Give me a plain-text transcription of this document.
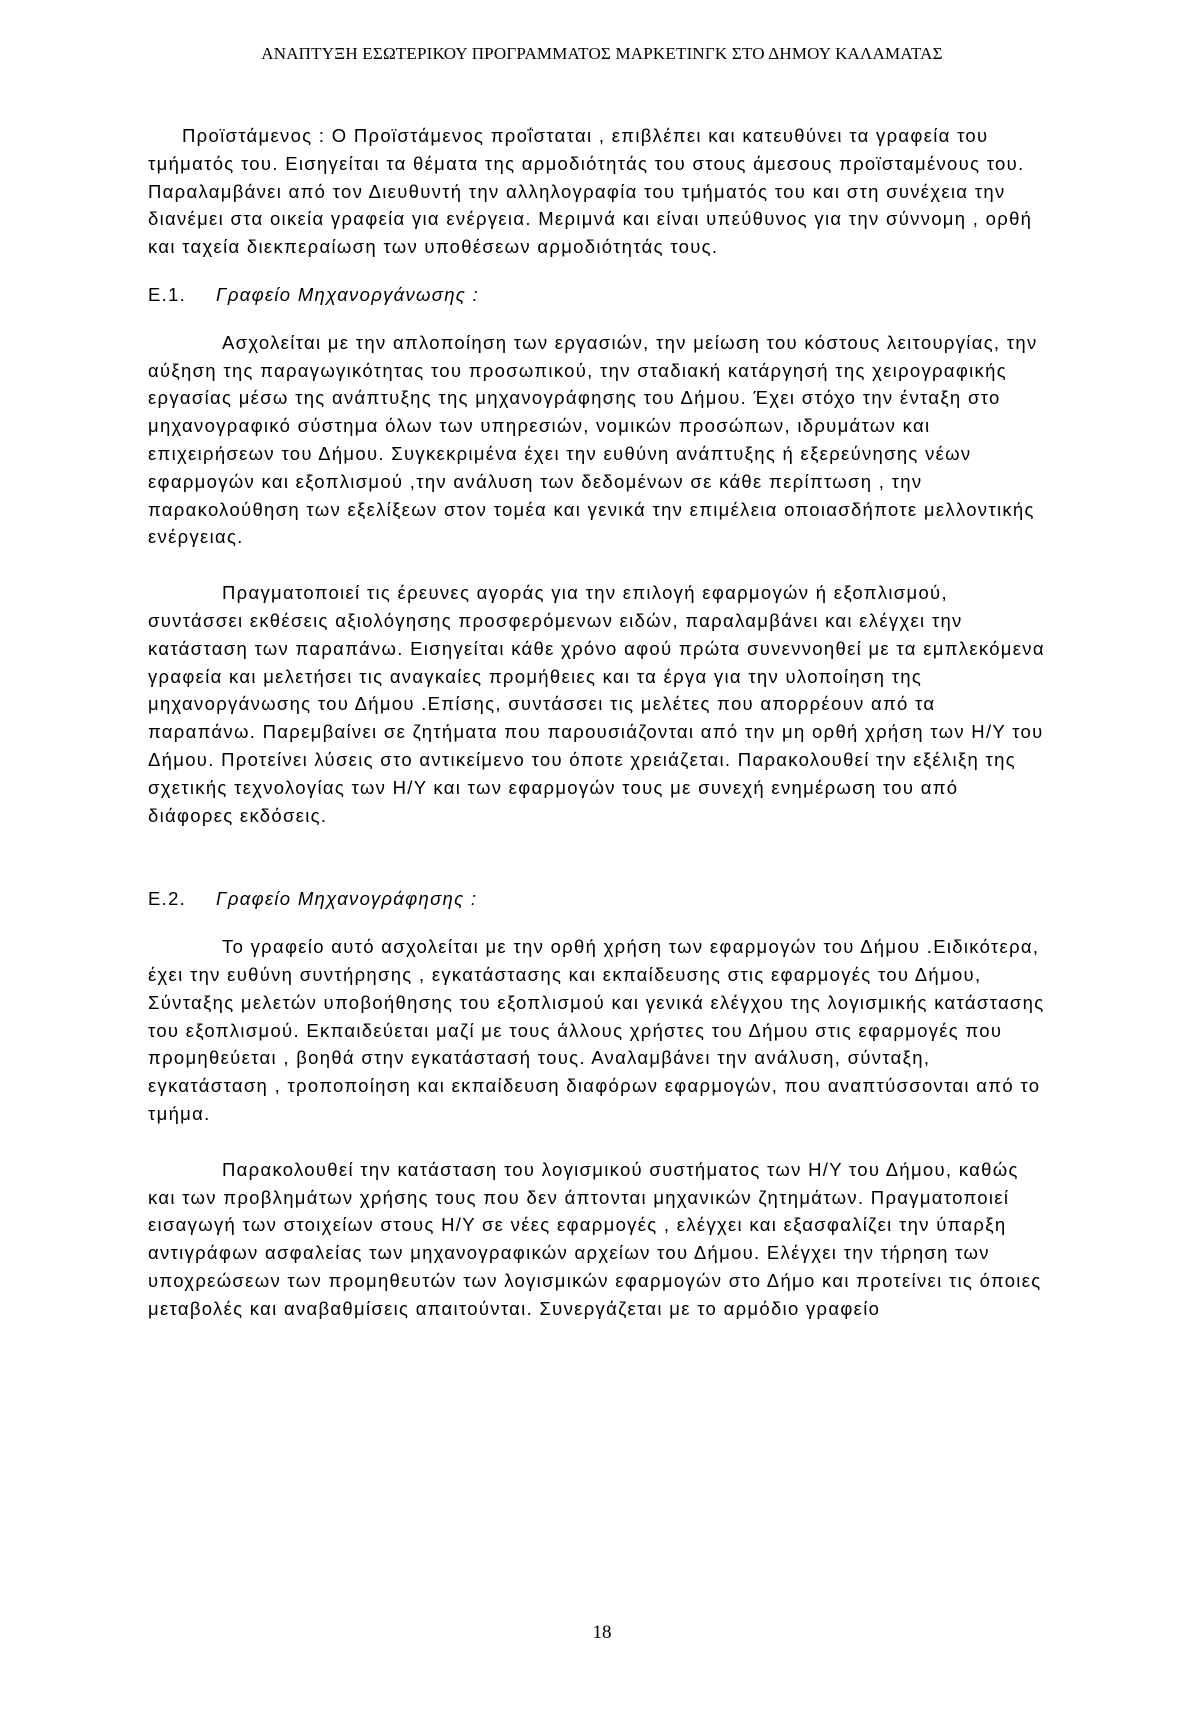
ΑΝΑΠΤΥΞΗ ΕΣΩΤΕΡΙΚΟΥ ΠΡΟΓΡΑΜΜΑΤΟΣ ΜΑΡΚΕΤΙΝΓΚ ΣΤΟ ΔΗΜΟΥ ΚΑΛΑΜΑΤΑΣ

Προϊστάμενος : Ο Προϊστάμενος προΐσταται , επιβλέπει και κατευθύνει τα γραφεία του τμήματός του. Εισηγείται τα θέματα της αρμοδιότητάς του στους άμεσους προϊσταμένους του. Παραλαμβάνει από τον Διευθυντή την αλληλογραφία του τμήματός του και στη συνέχεια την διανέμει στα οικεία γραφεία για ενέργεια. Μεριμνά και είναι υπεύθυνος για την σύννομη , ορθή και ταχεία διεκπεραίωση των υποθέσεων αρμοδιότητάς τους.

Ε.1.	Γραφείο Μηχανοργάνωσης :

Ασχολείται με την απλοποίηση των εργασιών, την μείωση του κόστους λειτουργίας, την αύξηση της παραγωγικότητας του προσωπικού, την σταδιακή κατάργησή της χειρογραφικής εργασίας μέσω της ανάπτυξης της μηχανογράφησης του Δήμου. Έχει στόχο την ένταξη στο μηχανογραφικό σύστημα όλων των υπηρεσιών, νομικών προσώπων, ιδρυμάτων και επιχειρήσεων του Δήμου. Συγκεκριμένα έχει την ευθύνη ανάπτυξης ή εξερεύνησης νέων εφαρμογών και εξοπλισμού ,την ανάλυση των δεδομένων σε κάθε περίπτωση , την παρακολούθηση των εξελίξεων στον τομέα και γενικά την επιμέλεια οποιασδήποτε μελλοντικής ενέργειας.

Πραγματοποιεί τις έρευνες αγοράς για την επιλογή εφαρμογών ή εξοπλισμού, συντάσσει εκθέσεις αξιολόγησης προσφερόμενων ειδών, παραλαμβάνει και ελέγχει την κατάσταση των παραπάνω. Εισηγείται κάθε χρόνο αφού πρώτα συνεννοηθεί με τα εμπλεκόμενα γραφεία και μελετήσει τις αναγκαίες προμήθειες και τα έργα για την υλοποίηση της μηχανοργάνωσης του Δήμου .Επίσης, συντάσσει τις μελέτες που απορρέουν από τα παραπάνω. Παρεμβαίνει σε ζητήματα που παρουσιάζονται από την μη ορθή χρήση των Η/Υ του Δήμου. Προτείνει λύσεις στο αντικείμενο του όποτε χρειάζεται. Παρακολουθεί την εξέλιξη της σχετικής τεχνολογίας των Η/Υ και των εφαρμογών τους με συνεχή ενημέρωση του από διάφορες εκδόσεις.

Ε.2.	Γραφείο Μηχανογράφησης :

Το γραφείο αυτό ασχολείται με την ορθή χρήση των εφαρμογών του Δήμου .Ειδικότερα, έχει την ευθύνη συντήρησης , εγκατάστασης και εκπαίδευσης στις εφαρμογές του Δήμου, Σύνταξης μελετών υποβοήθησης του εξοπλισμού και γενικά ελέγχου της λογισμικής κατάστασης του εξοπλισμού. Εκπαιδεύεται μαζί με τους άλλους χρήστες του Δήμου στις εφαρμογές που προμηθεύεται , βοηθά στην εγκατάστασή τους. Αναλαμβάνει την ανάλυση, σύνταξη, εγκατάσταση , τροποποίηση και εκπαίδευση διαφόρων εφαρμογών, που αναπτύσσονται από το τμήμα.

Παρακολουθεί την κατάσταση του λογισμικού συστήματος των Η/Υ του Δήμου, καθώς και των προβλημάτων χρήσης τους που δεν άπτονται μηχανικών ζητημάτων. Πραγματοποιεί εισαγωγή των στοιχείων στους Η/Υ σε νέες εφαρμογές , ελέγχει και εξασφαλίζει την ύπαρξη αντιγράφων ασφαλείας των μηχανογραφικών αρχείων του Δήμου. Ελέγχει την τήρηση των υποχρεώσεων των προμηθευτών των λογισμικών εφαρμογών στο Δήμο και προτείνει τις όποιες μεταβολές και αναβαθμίσεις απαιτούνται. Συνεργάζεται με το αρμόδιο γραφείο

18
